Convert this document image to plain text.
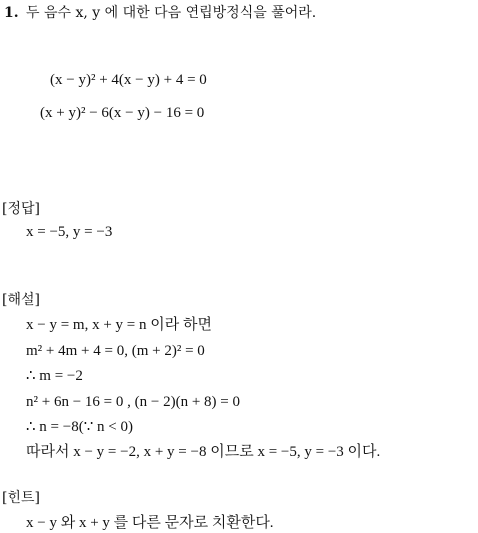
1. 두 음수 x, y 에 대한 다음 연립방정식을 풀어라.
(x − y)² + 4(x − y) + 4 = 0
(x + y)² − 6(x − y) − 16 = 0
[정답]
x = −5, y = −3
[해설]
x − y = m, x + y = n 이라 하면
m² + 4m + 4 = 0, (m + 2)² = 0
∴ m = −2
n² + 6n − 16 = 0 , (n − 2)(n + 8) = 0
∴ n = −8(∵ n < 0)
따라서 x − y = −2, x + y = −8 이므로 x = −5, y = −3 이다.
[힌트]
x − y 와 x + y 를 다른 문자로 치환한다.
